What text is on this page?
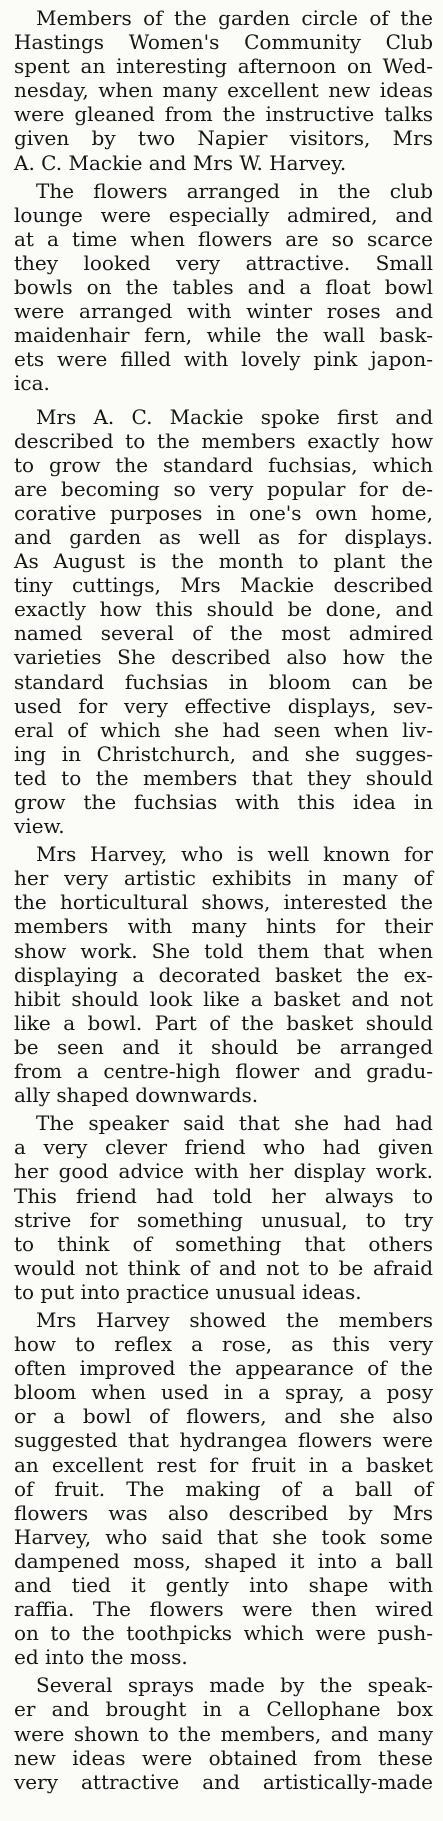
Members of the garden circle of the
Hastings Women's Community Club
spent an interesting afternoon on Wed-
nesday, when many excellent new ideas
were gleaned from the instructive talks
given by two Napier visitors, Mrs
A. C. Mackie and Mrs W. Harvey.

The flowers arranged in the club
lounge were especially admired, and
at a time when flowers are so scarce
they looked very attractive. Small
bowls on the tables and a float bowl
were arranged with winter roses and
maidenhair fern, while the wall bask-
ets were filled with lovely pink japon-
ica.

Mrs A. C. Mackie spoke first and
described to the members exactly how
to grow the standard fuchsias, which
are becoming so very popular for de-
corative purposes in one's own home,
and garden as well as for displays.
As August is the month to plant the
tiny cuttings, Mrs Mackie described
exactly how this should be done, and
named several of the most admired
varieties She described also how the
standard fuchsias in bloom can be
used for very effective displays, sev-
eral of which she had seen when liv-
ing in Christchurch, and she sugges-
ted to the members that they should
grow the fuchsias with this idea in
view.

Mrs Harvey, who is well known for
her very artistic exhibits in many of
the horticultural shows, interested the
members with many hints for their
show work. She told them that when
displaying a decorated basket the ex-
hibit should look like a basket and not
like a bowl. Part of the basket should
be seen and it should be arranged
from a centre-high flower and gradu-
ally shaped downwards.

The speaker said that she had had
a very clever friend who had given
her good advice with her display work.
This friend had told her always to
strive for something unusual, to try
to think of something that others
would not think of and not to be afraid
to put into practice unusual ideas.

Mrs Harvey showed the members
how to reflex a rose, as this very
often improved the appearance of the
bloom when used in a spray, a posy
or a bowl of flowers, and she also
suggested that hydrangea flowers were
an excellent rest for fruit in a basket
of fruit. The making of a ball of
flowers was also described by Mrs
Harvey, who said that she took some
dampened moss, shaped it into a ball
and tied it gently into shape with
raffia. The flowers were then wired
on to the toothpicks which were push-
ed into the moss.

Several sprays made by the speak-
er and brought in a Cellophane box
were shown to the members, and many
new ideas were obtained from these
very attractive and artistically-made
